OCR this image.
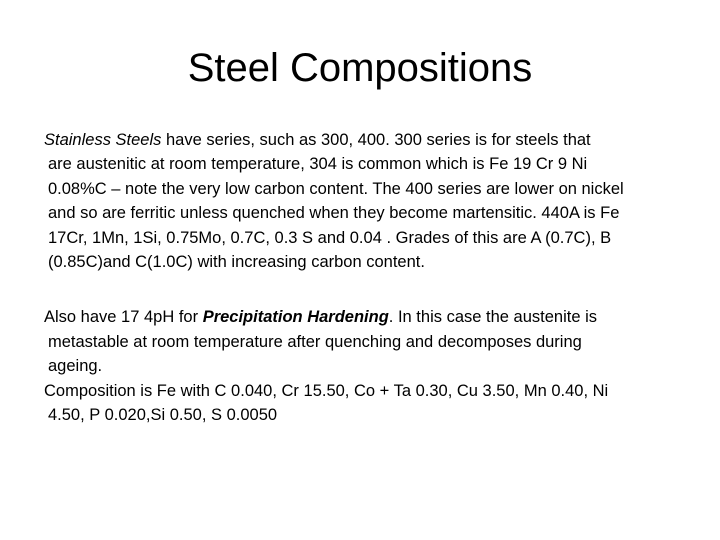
Steel Compositions

Stainless Steels have series, such as 300, 400. 300 series is for steels that
are austenitic at room temperature, 304 is common which is Fe 19 Cr 9 Ni
0.08%C – note the very low carbon content. The 400 series are lower on nickel
and so are ferritic unless quenched when they become martensitic. 440A is Fe
17Cr, 1Mn, 1Si, 0.75Mo, 0.7C, 0.3 S and 0.04 . Grades of this are A (0.7C), B
(0.85C)and C(1.0C) with increasing carbon content.

Also have 17 4pH for Precipitation Hardening. In this case the austenite is
metastable at room temperature after quenching and decomposes during
ageing.

Composition is Fe with C 0.040, Cr 15.50, Co + Ta 0.30, Cu 3.50, Mn 0.40, Ni
4.50, P 0.020,Si 0.50, S 0.0050
